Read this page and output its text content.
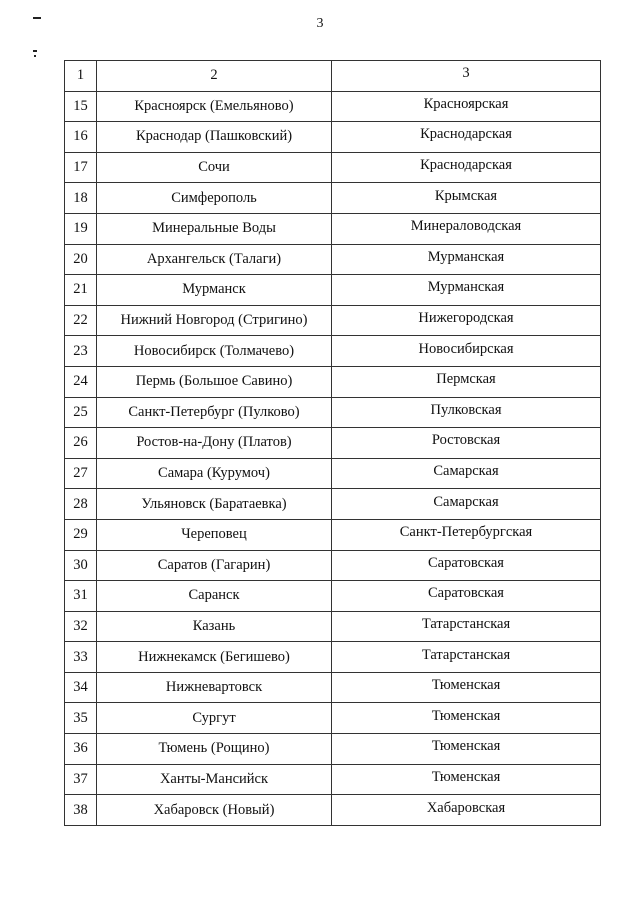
3
1	2	3
15	Красноярск (Емельяново)	Красноярская
16	Краснодар (Пашковский)	Краснодарская
17	Сочи	Краснодарская
18	Симферополь	Крымская
19	Минеральные Воды	Минераловодская
20	Архангельск (Талаги)	Мурманская
21	Мурманск	Мурманская
22	Нижний Новгород (Стригино)	Нижегородская
23	Новосибирск (Толмачево)	Новосибирская
24	Пермь (Большое Савино)	Пермская
25	Санкт-Петербург (Пулково)	Пулковская
26	Ростов-на-Дону (Платов)	Ростовская
27	Самара (Курумоч)	Самарская
28	Ульяновск (Баратаевка)	Самарская
29	Череповец	Санкт-Петербургская
30	Саратов (Гагарин)	Саратовская
31	Саранск	Саратовская
32	Казань	Татарстанская
33	Нижнекамск (Бегишево)	Татарстанская
34	Нижневартовск	Тюменская
35	Сургут	Тюменская
36	Тюмень (Рощино)	Тюменская
37	Ханты-Мансийск	Тюменская
38	Хабаровск (Новый)	Хабаровская
